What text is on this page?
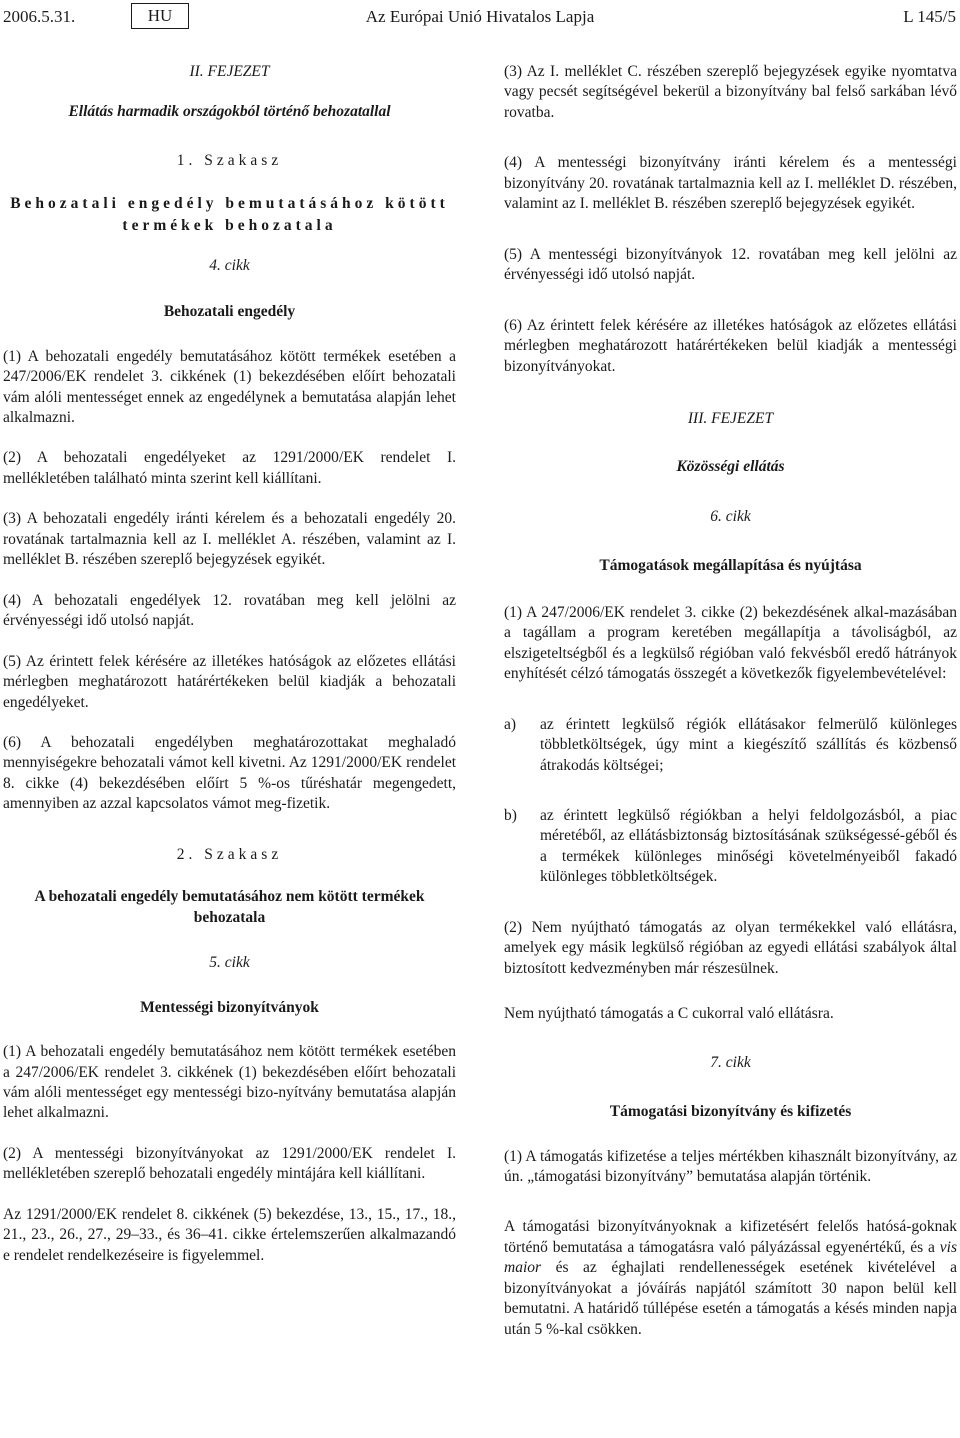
2006.5.31.	HU	Az Európai Unió Hivatalos Lapja	L 145/5

II. FEJEZET

Ellátás harmadik országokból történő behozatallal

1. Szakasz

Behozatali engedély bemutatásához kötött termékek behozatala

4. cikk

Behozatali engedély

(1) A behozatali engedély bemutatásához kötött termékek esetében a 247/2006/EK rendelet 3. cikkének (1) bekezdésében előírt behozatali vám alóli mentességet ennek az engedélynek a bemutatása alapján lehet alkalmazni.

(2) A behozatali engedélyeket az 1291/2000/EK rendelet I. mellékletében található minta szerint kell kiállítani.

(3) A behozatali engedély iránti kérelem és a behozatali engedély 20. rovatának tartalmaznia kell az I. melléklet A. részében, valamint az I. melléklet B. részében szereplő bejegyzések egyikét.

(4) A behozatali engedélyek 12. rovatában meg kell jelölni az érvényességi idő utolsó napját.

(5) Az érintett felek kérésére az illetékes hatóságok az előzetes ellátási mérlegben meghatározott határértékeken belül kiadják a behozatali engedélyeket.

(6) A behozatali engedélyben meghatározottakat meghaladó mennyiségekre behozatali vámot kell kivetni. Az 1291/2000/EK rendelet 8. cikke (4) bekezdésében előírt 5 %-os tűréshatár megengedett, amennyiben az azzal kapcsolatos vámot meg-fizetik.

2. Szakasz

A behozatali engedély bemutatásához nem kötött termékek behozatala

5. cikk

Mentességi bizonyítványok

(1) A behozatali engedély bemutatásához nem kötött termékek esetében a 247/2006/EK rendelet 3. cikkének (1) bekezdésében előírt behozatali vám alóli mentességet egy mentességi bizo-nyítvány bemutatása alapján lehet alkalmazni.

(2) A mentességi bizonyítványokat az 1291/2000/EK rendelet I. mellékletében szereplő behozatali engedély mintájára kell kiállítani.

Az 1291/2000/EK rendelet 8. cikkének (5) bekezdése, 13., 15., 17., 18., 21., 23., 26., 27., 29–33., és 36–41. cikke értelemszerűen alkalmazandó e rendelet rendelkezéseire is figyelemmel.

(3) Az I. melléklet C. részében szereplő bejegyzések egyike nyomtatva vagy pecsét segítségével bekerül a bizonyítvány bal felső sarkában lévő rovatba.

(4) A mentességi bizonyítvány iránti kérelem és a mentességi bizonyítvány 20. rovatának tartalmaznia kell az I. melléklet D. részében, valamint az I. melléklet B. részében szereplő bejegyzések egyikét.

(5) A mentességi bizonyítványok 12. rovatában meg kell jelölni az érvényességi idő utolsó napját.

(6) Az érintett felek kérésére az illetékes hatóságok az előzetes ellátási mérlegben meghatározott határértékeken belül kiadják a mentességi bizonyítványokat.

III. FEJEZET

Közösségi ellátás

6. cikk

Támogatások megállapítása és nyújtása

(1) A 247/2006/EK rendelet 3. cikke (2) bekezdésének alkal-mazásában a tagállam a program keretében megállapítja a távoliságból, az elszigeteltségből és a legkülső régióban való fekvésből eredő hátrányok enyhítését célzó támogatás összegét a következők figyelembevételével:

a) az érintett legkülső régiók ellátásakor felmerülő különleges többletköltségek, úgy mint a kiegészítő szállítás és közbenső átrakodás költségei;
b) az érintett legkülső régiókban a helyi feldolgozásból, a piac méretéből, az ellátásbiztonság biztosításának szükségessé-géből és a termékek különleges minőségi követelményeiből fakadó különleges többletköltségek.

(2) Nem nyújtható támogatás az olyan termékekkel való ellátásra, amelyek egy másik legkülső régióban az egyedi ellátási szabályok által biztosított kedvezményben már részesülnek.

Nem nyújtható támogatás a C cukorral való ellátásra.

7. cikk

Támogatási bizonyítvány és kifizetés

(1) A támogatás kifizetése a teljes mértékben kihasznált bizonyítvány, az ún. „támogatási bizonyítvány” bemutatása alapján történik.

A támogatási bizonyítványoknak a kifizetésért felelős hatósá-goknak történő bemutatása a támogatásra való pályázással egyenértékű, és a vis maior és az éghajlati rendellenességek esetének kivételével a bizonyítványokat a jóváírás napjától számított 30 napon belül kell bemutatni. A határidő túllépése esetén a támogatás a késés minden napja után 5 %-kal csökken.
